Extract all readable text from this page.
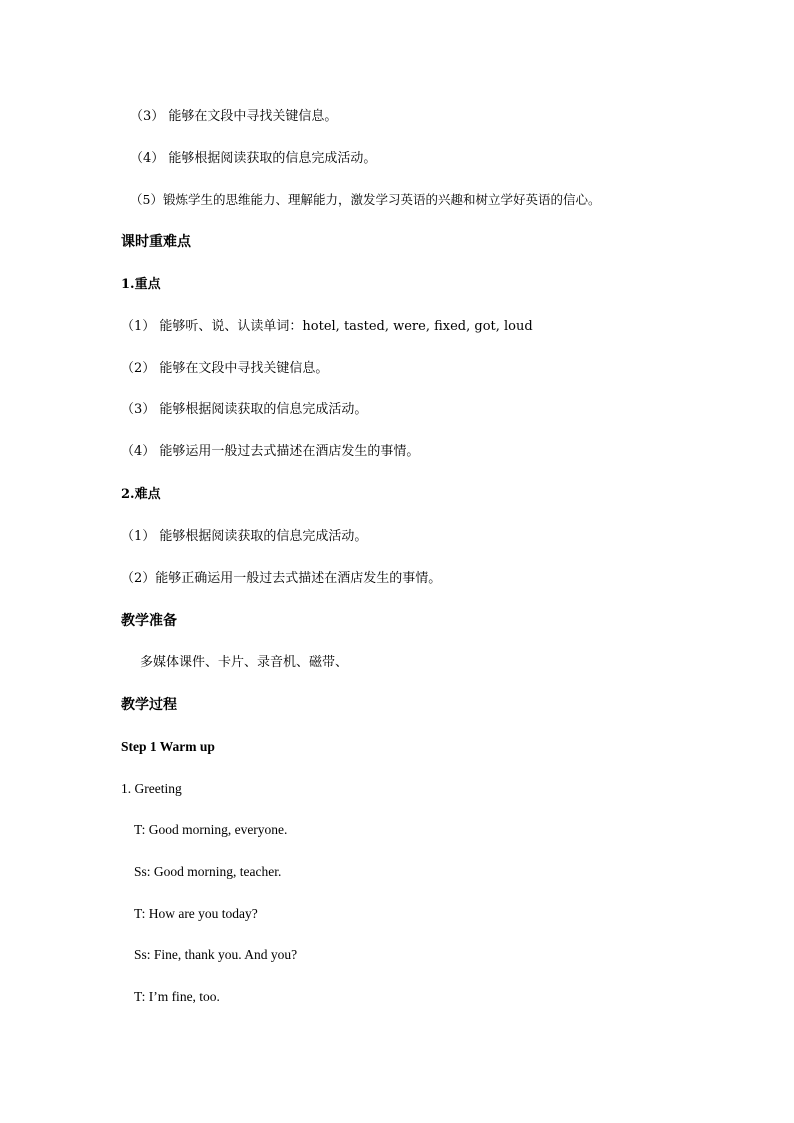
（3） 能够在文段中寻找关键信息。
（4） 能够根据阅读获取的信息完成活动。
（5）锻炼学生的思维能力、理解能力，激发学习英语的兴趣和树立学好英语的信心。
课时重难点
1.重点
（1） 能够听、说、认读单词：hotel, tasted, were, fixed, got, loud
（2） 能够在文段中寻找关键信息。
（3） 能够根据阅读获取的信息完成活动。
（4） 能够运用一般过去式描述在酒店发生的事情。
2.难点
（1） 能够根据阅读获取的信息完成活动。
（2）能够正确运用一般过去式描述在酒店发生的事情。
教学准备
多媒体课件、卡片、录音机、磁带、
教学过程
Step 1 Warm up
1. Greeting
T: Good morning, everyone.
Ss: Good morning, teacher.
T: How are you today?
Ss: Fine, thank you. And you?
T: I’m fine, too.
